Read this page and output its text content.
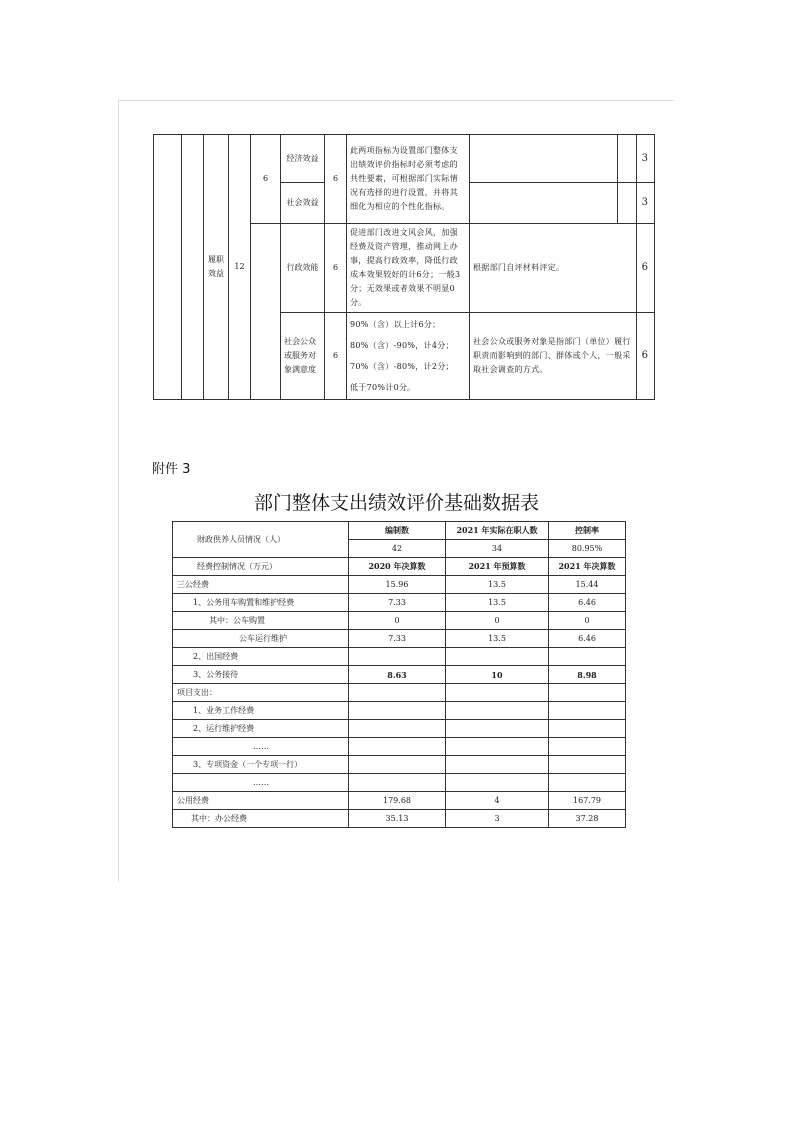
		履职效益	12	6	经济效益	6	此两项指标为设置部门整体支出绩效评价指标时必须考虑的共性要素，可根据部门实际情况有选择的进行设置，并将其细化为相应的个性化指标。			3
					社会效益					3
					行政效能	6	促进部门改进文风会风，加强经费及资产管理，推动网上办事，提高行政效率，降低行政成本效果较好的计6分；一般3分；无效果或者效果不明显0分。	根据部门自评材料评定。		6
					社会公众或服务对象满意度	6	90%（含）以上计6分；
80%（含）-90%，计4分；
70%（含）-80%，计2分；
低于70%计0分。	社会公众或服务对象是指部门（单位）履行职责而影响到的部门、群体或个人，一般采取社会调查的方式。		6
附件 3
部门整体支出绩效评价基础数据表
财政供养人员情况（人）	编制数	2021 年实际在职人数	控制率
	42	34	80.95%
经费控制情况（万元）	2020 年决算数	2021 年预算数	2021 年决算数
三公经费	15.96	13.5	15.44
1、公务用车购置和维护经费	7.33	13.5	6.46
其中：公车购置	0	0	0
公车运行维护	7.33	13.5	6.46
2、出国经费			
3、公务接待	8.63	10	8.98
项目支出：			
1、业务工作经费			
2、运行维护经费			
……			
3、专项资金（一个专项一行）			
……			
公用经费	179.68	4	167.79
其中：办公经费	35.13	3	37.28
